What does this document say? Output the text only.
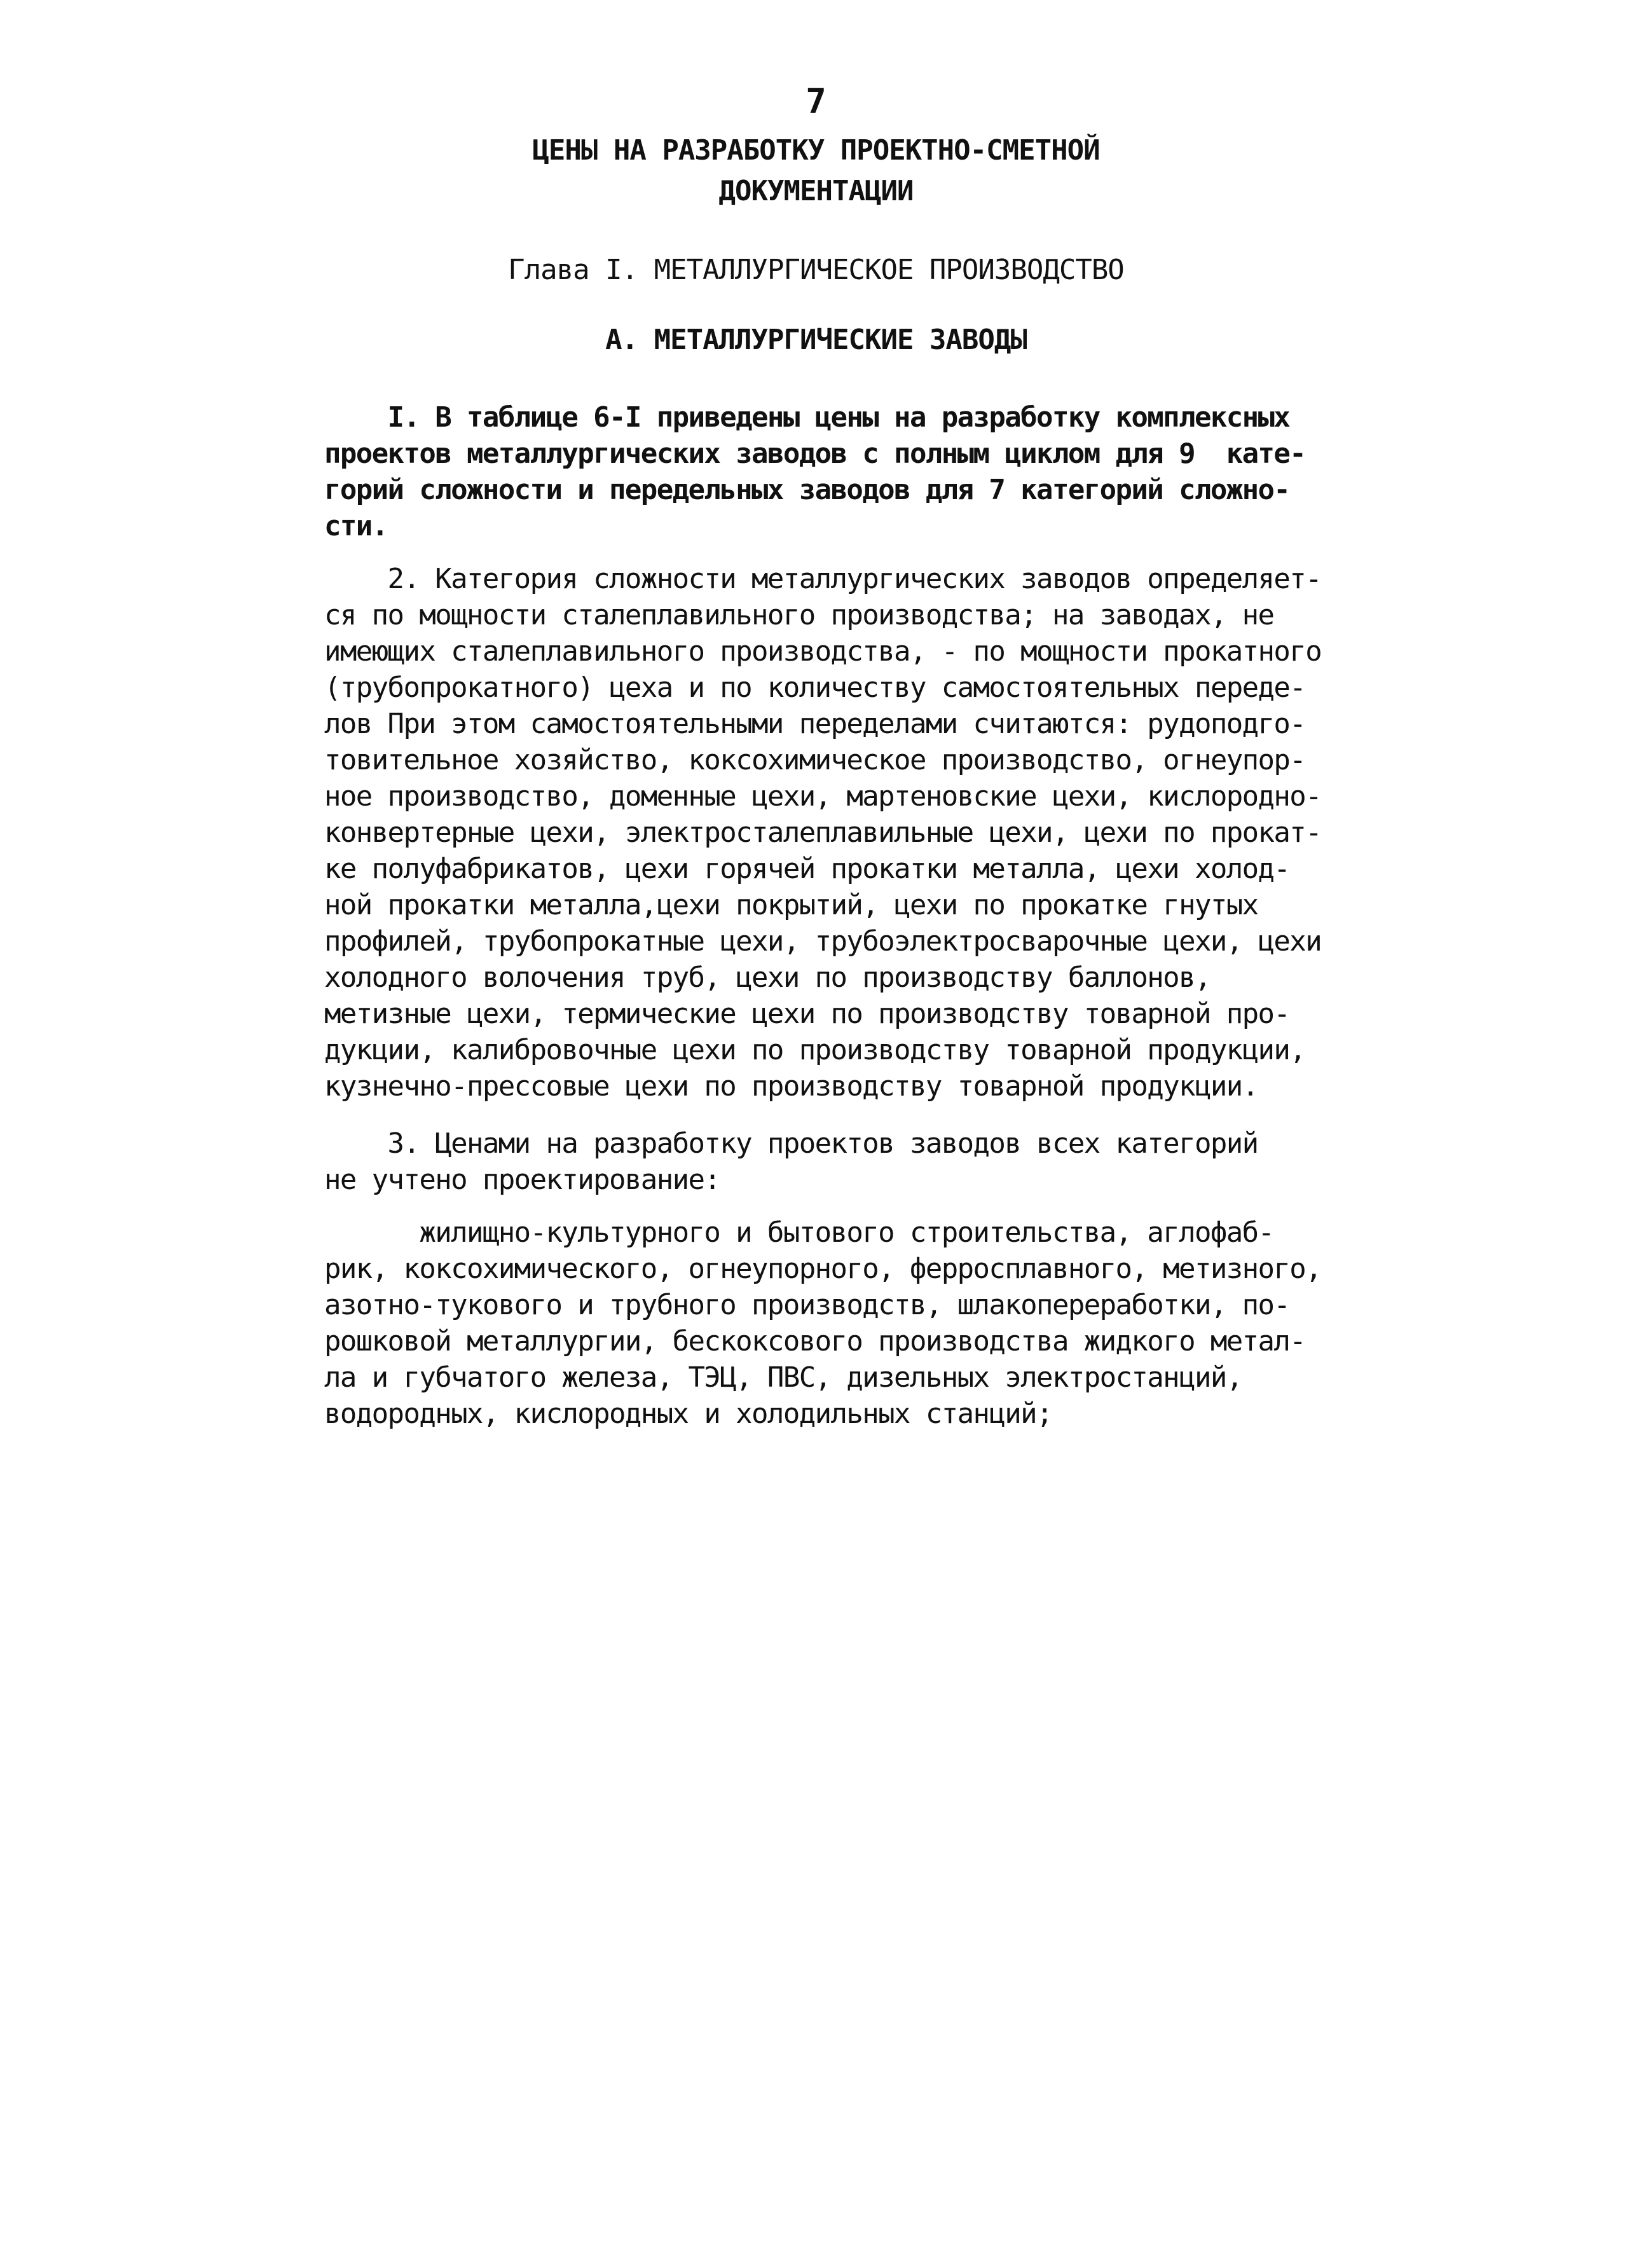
7
ЦЕНЫ НА РАЗРАБОТКУ ПРОЕКТНО-СМЕТНОЙ
ДОКУМЕНТАЦИИ
Глава I. МЕТАЛЛУРГИЧЕСКОЕ ПРОИЗВОДСТВО
А. МЕТАЛЛУРГИЧЕСКИЕ ЗАВОДЫ
I. В таблице 6-I приведены цены на разработку комплексных
проектов металлургических заводов с полным циклом для 9  кате-
горий сложности и передельных заводов для 7 категорий сложно-
сти.
2. Категория сложности металлургических заводов определяет-
ся по мощности сталеплавильного производства; на заводах, не
имеющих сталеплавильного производства, - по мощности прокатного
(трубопрокатного) цеха и по количеству самостоятельных переде-
лов При этом самостоятельными переделами считаются: рудоподго-
товительное хозяйство, коксохимическое производство, огнеупор-
ное производство, доменные цехи, мартеновские цехи, кислородно-
конвертерные цехи, электросталеплавильные цехи, цехи по прокат-
ке полуфабрикатов, цехи горячей прокатки металла, цехи холод-
ной прокатки металла,цехи покрытий, цехи по прокатке гнутых
профилей, трубопрокатные цехи, трубоэлектросварочные цехи, цехи
холодного волочения труб, цехи по производству баллонов,
метизные цехи, термические цехи по производству товарной про-
дукции, калибровочные цехи по производству товарной продукции,
кузнечно-прессовые цехи по производству товарной продукции.
3. Ценами на разработку проектов заводов всех категорий
не учтено проектирование:
жилищно-культурного и бытового строительства, аглофаб-
рик, коксохимического, огнеупорного, ферросплавного, метизного,
азотно-тукового и трубного производств, шлакопереработки, по-
рошковой металлургии, бескоксового производства жидкого метал-
ла и губчатого железа, ТЭЦ, ПВС, дизельных электростанций,
водородных, кислородных и холодильных станций;
